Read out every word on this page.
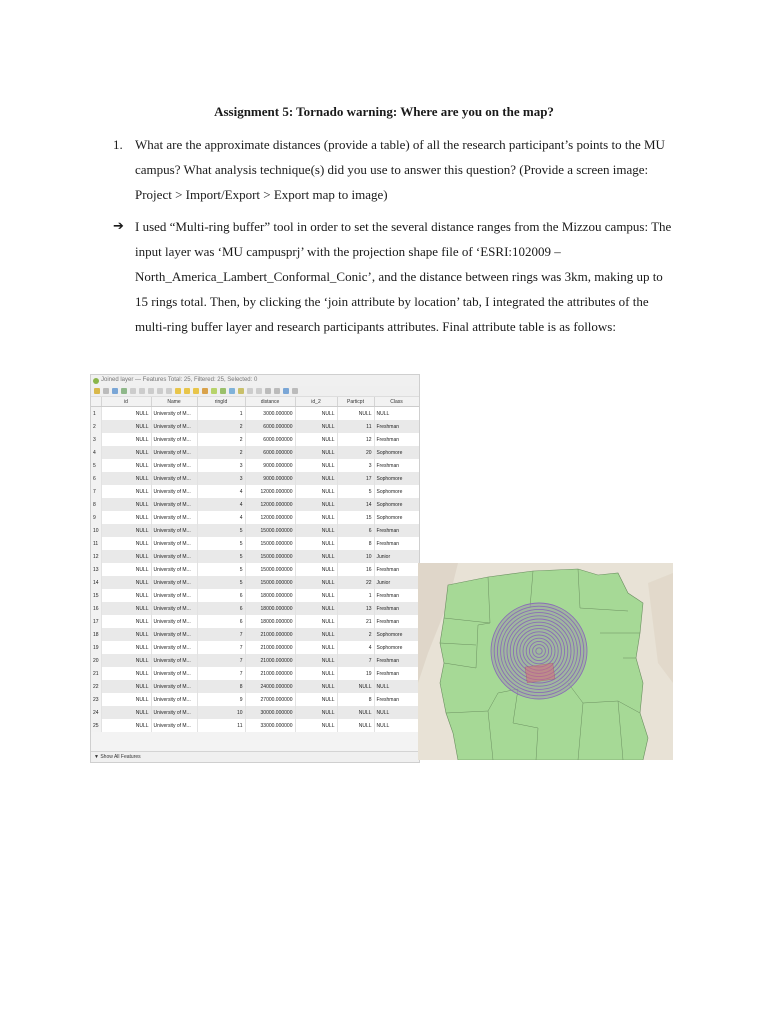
Assignment 5: Tornado warning: Where are you on the map?
1. What are the approximate distances (provide a table) of all the research participant’s points to the MU campus? What analysis technique(s) did you use to answer this question? (Provide a screen image: Project > Import/Export > Export map to image)
➔ I used “Multi-ring buffer” tool in order to set the several distance ranges from the Mizzou campus: The input layer was ‘MU campusprj’ with the projection shape file of ‘ESRI:102009 – North_America_Lambert_Conformal_Conic’, and the distance between rings was 3km, making up to 15 rings total. Then, by clicking the ‘join attribute by location’ tab, I integrated the attributes of the multi-ring buffer layer and research participants attributes. Final attribute table is as follows:
Joined layer — Features Total: 25, Filtered: 25, Selected: 0
	id	Name	ringId	distance	id_2	Particpt	Class
1	NULL	University of M...	1	3000.000000	NULL	NULL	NULL
2	NULL	University of M...	2	6000.000000	NULL	11	Freshman
3	NULL	University of M...	2	6000.000000	NULL	12	Freshman
4	NULL	University of M...	2	6000.000000	NULL	20	Sophomore
5	NULL	University of M...	3	9000.000000	NULL	3	Freshman
6	NULL	University of M...	3	9000.000000	NULL	17	Sophomore
7	NULL	University of M...	4	12000.000000	NULL	5	Sophomore
8	NULL	University of M...	4	12000.000000	NULL	14	Sophomore
9	NULL	University of M...	4	12000.000000	NULL	15	Sophomore
10	NULL	University of M...	5	15000.000000	NULL	6	Freshman
11	NULL	University of M...	5	15000.000000	NULL	8	Freshman
12	NULL	University of M...	5	15000.000000	NULL	10	Junior
13	NULL	University of M...	5	15000.000000	NULL	16	Freshman
14	NULL	University of M...	5	15000.000000	NULL	22	Junior
15	NULL	University of M...	6	18000.000000	NULL	1	Freshman
16	NULL	University of M...	6	18000.000000	NULL	13	Freshman
17	NULL	University of M...	6	18000.000000	NULL	21	Freshman
18	NULL	University of M...	7	21000.000000	NULL	2	Sophomore
19	NULL	University of M...	7	21000.000000	NULL	4	Sophomore
20	NULL	University of M...	7	21000.000000	NULL	7	Freshman
21	NULL	University of M...	7	21000.000000	NULL	19	Freshman
22	NULL	University of M...	8	24000.000000	NULL	NULL	NULL
23	NULL	University of M...	9	27000.000000	NULL	8	Freshman
24	NULL	University of M...	10	30000.000000	NULL	NULL	NULL
25	NULL	University of M...	11	33000.000000	NULL	NULL	NULL
▼ Show All Features
